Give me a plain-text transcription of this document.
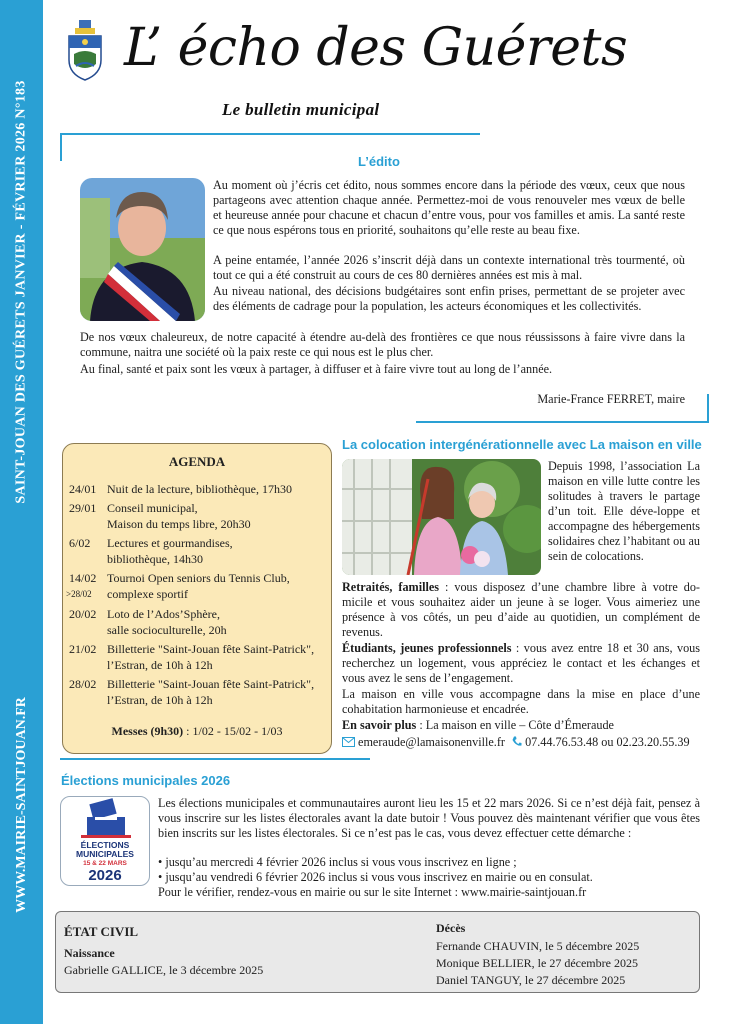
SAINT-JOUAN DES GUÉRETS JANVIER - FÉVRIER 2026 N°183
WWW.MAIRIE-SAINTJOUAN.FR
L’ écho des Guérets
Le bulletin municipal
L’édito
Au moment où j’écris cet édito, nous sommes encore dans la période des vœux, ceux que nous partageons avec attention chaque année. Permettez-moi de vous renouveler mes vœux de belle et heureuse année pour chacune et chacun d’entre vous, pour vos familles et amis. La santé reste ce que nous espérons tous en priorité, souhaitons qu’elle reste au beau fixe.
A peine entamée, l’année 2026 s’inscrit déjà dans un contexte international très tourmenté, où tout ce qui a été construit au cours de ces 80 dernières années est mis à mal.
Au niveau national, des décisions budgétaires sont enfin prises, permettant de se projeter avec des éléments de cadrage pour la population, les acteurs économiques et les collectivités.
De nos vœux chaleureux, de notre capacité à étendre au-delà des frontières ce que nous réussissons à faire vivre dans la commune, naitra une société où la paix reste ce qui nous est le plus cher.
Au final, santé et paix sont les vœux à partager, à diffuser et à faire vivre tout au long de l’année.
Marie-France FERRET, maire
AGENDA
24/01 Nuit de la lecture, bibliothèque, 17h30
29/01 Conseil municipal,
Maison du temps libre, 20h30
6/02	Lectures et gourmandises,
bibliothèque, 14h30
14/02
>28/02
Tournoi Open seniors du Tennis Club,
complexe sportif
20/02 Loto de l’Ados’Sphère,
salle socioculturelle, 20h
21/02 Billetterie "Saint-Jouan fête Saint-Patrick",
l’Estran, de 10h à 12h
28/02 Billetterie "Saint-Jouan fête Saint-Patrick",
l’Estran, de 10h à 12h
Messes (9h30) : 1/02 - 15/02 - 1/03
La colocation intergénérationnelle avec La maison en ville
Depuis 1998, l’association La maison en ville lutte contre les solitudes à travers le partage d’un toit. Elle déve-loppe et accompagne des hébergements solidaires chez l’habitant ou au sein de colocations.
Retraités, familles : vous disposez d’une chambre libre à votre do-micile et vous souhaitez aider un jeune à se loger. Vous aimeriez une présence à vos côtés, un peu d’aide au quotidien, un complément de revenus.
Étudiants, jeunes professionnels : vous avez entre 18 et 30 ans, vous recherchez un logement, vous appréciez le contact et les échanges et vous avez le sens de l’engagement.
La maison en ville vous accompagne dans la mise en place d’une cohabitation harmonieuse et encadrée.
En savoir plus : La maison en ville – Côte d’Émeraude
emeraude@lamaisonenville.fr 07.44.76.53.48 ou 02.23.20.55.39
Élections municipales 2026
ÉLECTIONS
MUNICIPALES
15 & 22 MARS
2026
Les élections municipales et communautaires auront lieu les 15 et 22 mars 2026. Si ce n’est déjà fait, pensez à vous inscrire sur les listes électorales avant la date butoir ! Vous pouvez dès maintenant vérifier que vous êtes bien inscrits sur les listes électorales. Si ce n’est pas le cas, vous devez effectuer cette démarche :
• jusqu’au mercredi 4 février 2026 inclus si vous vous inscrivez en ligne ;
• jusqu’au vendredi 6 février 2026 inclus si vous vous inscrivez en mairie ou en consulat.
Pour le vérifier, rendez-vous en mairie ou sur le site Internet : www.mairie-saintjouan.fr
ÉTAT CIVIL
Naissance
Gabrielle GALLICE, le 3 décembre 2025
Décès
Fernande CHAUVIN, le 5 décembre 2025
Monique BELLIER, le 27 décembre 2025
Daniel TANGUY, le 27 décembre 2025
